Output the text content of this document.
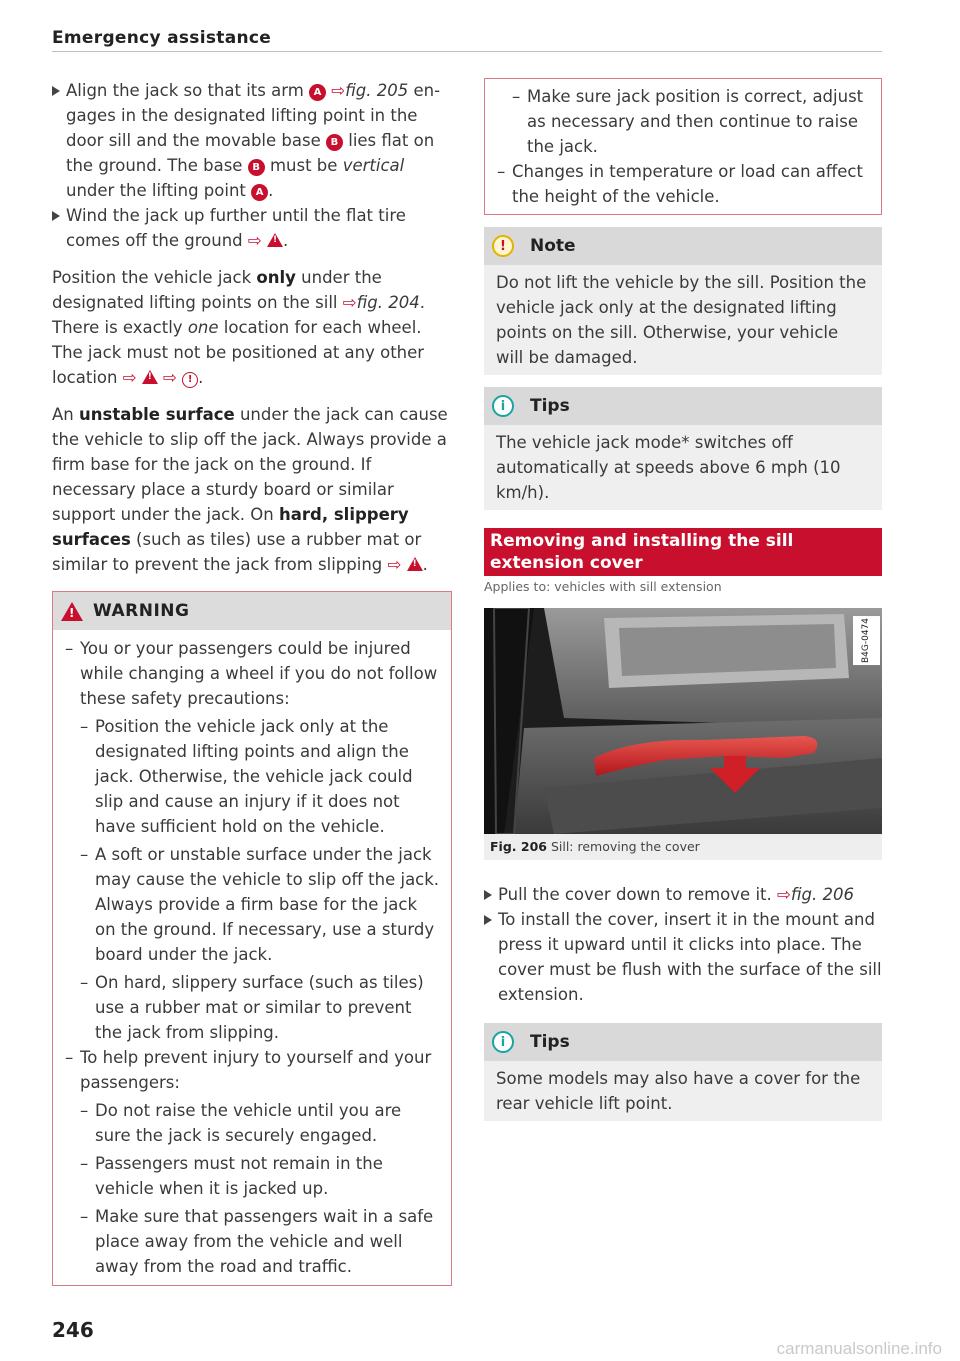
Emergency assistance
Align the jack so that its arm A ⇨fig. 205 engages in the designated lifting point in the door sill and the movable base B lies flat on the ground. The base B must be vertical under the lifting point A .
Wind the jack up further until the flat tire comes off the ground ⇨ ! .

Position the vehicle jack only under the designated lifting points on the sill ⇨fig. 204. There is exactly one location for each wheel. The jack must not be positioned at any other location ⇨ ! ⇨ ! .

An unstable surface under the jack can cause the vehicle to slip off the jack. Always provide a firm base for the jack on the ground. If necessary place a sturdy board or similar support under the jack. On hard, slippery surfaces (such as tiles) use a rubber mat or similar to prevent the jack from slipping ⇨ ! .

!
WARNING
– You or your passengers could be injured while changing a wheel if you do not follow these safety precautions:
– Position the vehicle jack only at the designated lifting points and align the jack. Otherwise, the vehicle jack could slip and cause an injury if it does not have sufficient hold on the vehicle.
– A soft or unstable surface under the jack may cause the vehicle to slip off the jack. Always provide a firm base for the jack on the ground. If necessary, use a sturdy board under the jack.
– On hard, slippery surface (such as tiles) use a rubber mat or similar to prevent the jack from slipping.
– To help prevent injury to yourself and your passengers:
– Do not raise the vehicle until you are sure the jack is securely engaged.
– Passengers must not remain in the vehicle when it is jacked up.
– Make sure that passengers wait in a safe place away from the vehicle and well away from the road and traffic.
– Make sure jack position is correct, adjust as necessary and then continue to raise the jack.
– Changes in temperature or load can affect the height of the vehicle.
!	Note
Do not lift the vehicle by the sill. Position the vehicle jack only at the designated lifting points on the sill. Otherwise, your vehicle will be damaged.
i	Tips
The vehicle jack mode* switches off automatically at speeds above 6 mph (10 km/h).
Removing and installing the sill extension cover
Applies to: vehicles with sill extension
B4G-0474
Fig. 206 Sill: removing the cover
Pull the cover down to remove it. ⇨fig. 206
To install the cover, insert it in the mount and press it upward until it clicks into place. The cover must be flush with the surface of the sill extension.
i	Tips
Some models may also have a cover for the rear vehicle lift point.
246
carmanualsonline.info
